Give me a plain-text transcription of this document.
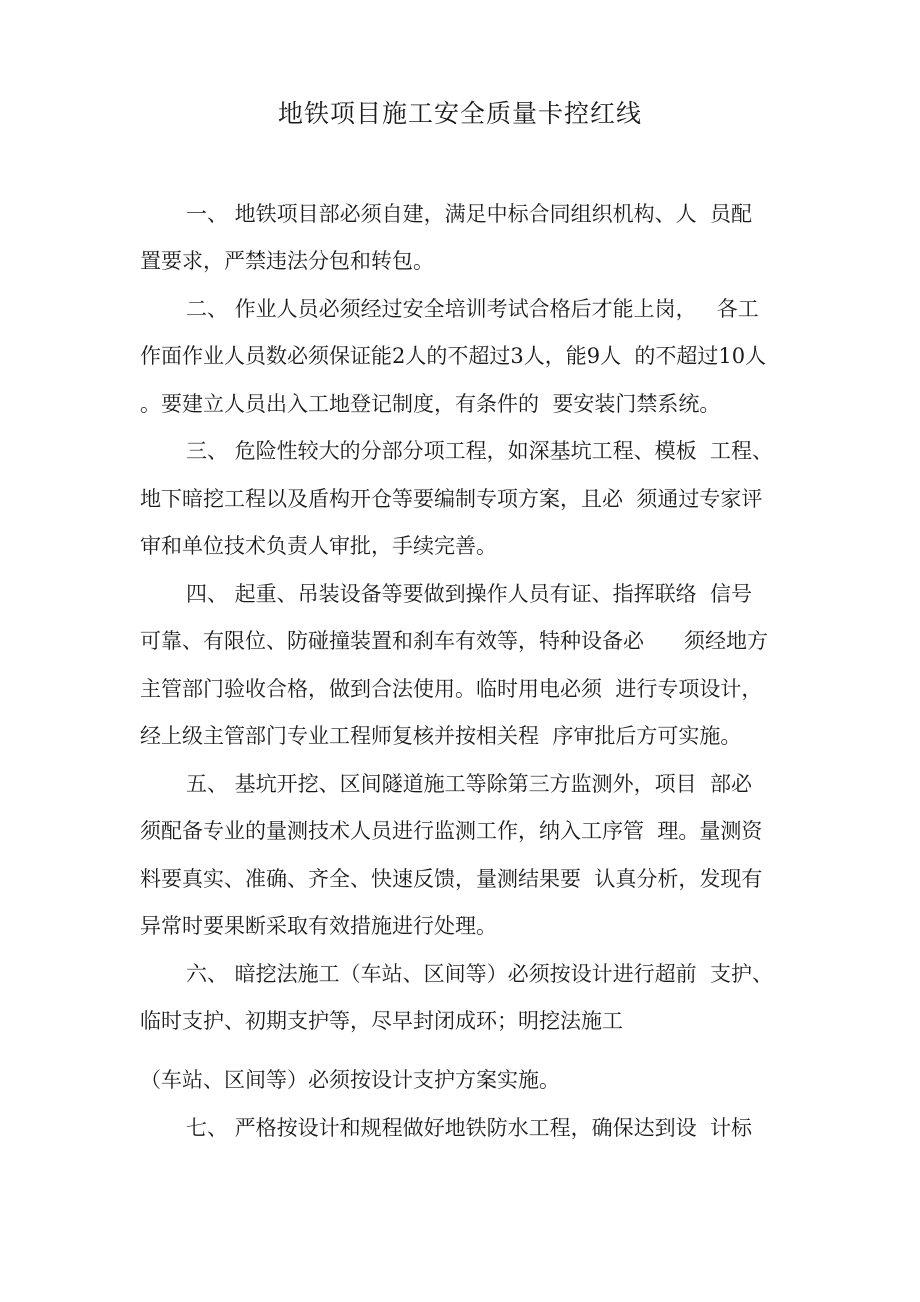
地铁项目施工安全质量卡控红线
一、 地铁项目部必须自建，满足中标合同组织机构、人  员配
置要求，严禁违法分包和转包。
二、 作业人员必须经过安全培训考试合格后才能上岗，   各工
作面作业人员数必须保证能2人的不超过3人，能9人  的不超过10人
。要建立人员出入工地登记制度，有条件的  要安装门禁系统。
三、 危险性较大的分部分项工程，如深基坑工程、模板  工程、
地下暗挖工程以及盾构开仓等要编制专项方案，且必  须通过专家评
审和单位技术负责人审批，手续完善。
四、 起重、吊装设备等要做到操作人员有证、指挥联络  信号
可靠、有限位、防碰撞装置和刹车有效等，特种设备必      须经地方
主管部门验收合格，做到合法使用。临时用电必须  进行专项设计，
经上级主管部门专业工程师复核并按相关程  序审批后方可实施。
五、 基坑开挖、区间隧道施工等除第三方监测外，项目  部必
须配备专业的量测技术人员进行监测工作，纳入工序管  理。量测资
料要真实、准确、齐全、快速反馈，量测结果要  认真分析，发现有
异常时要果断采取有效措施进行处理。
六、 暗挖法施工（车站、区间等）必须按设计进行超前  支护、
临时支护、初期支护等，尽早封闭成环；明挖法施工
（车站、区间等）必须按设计支护方案实施。
七、 严格按设计和规程做好地铁防水工程，确保达到设  计标
